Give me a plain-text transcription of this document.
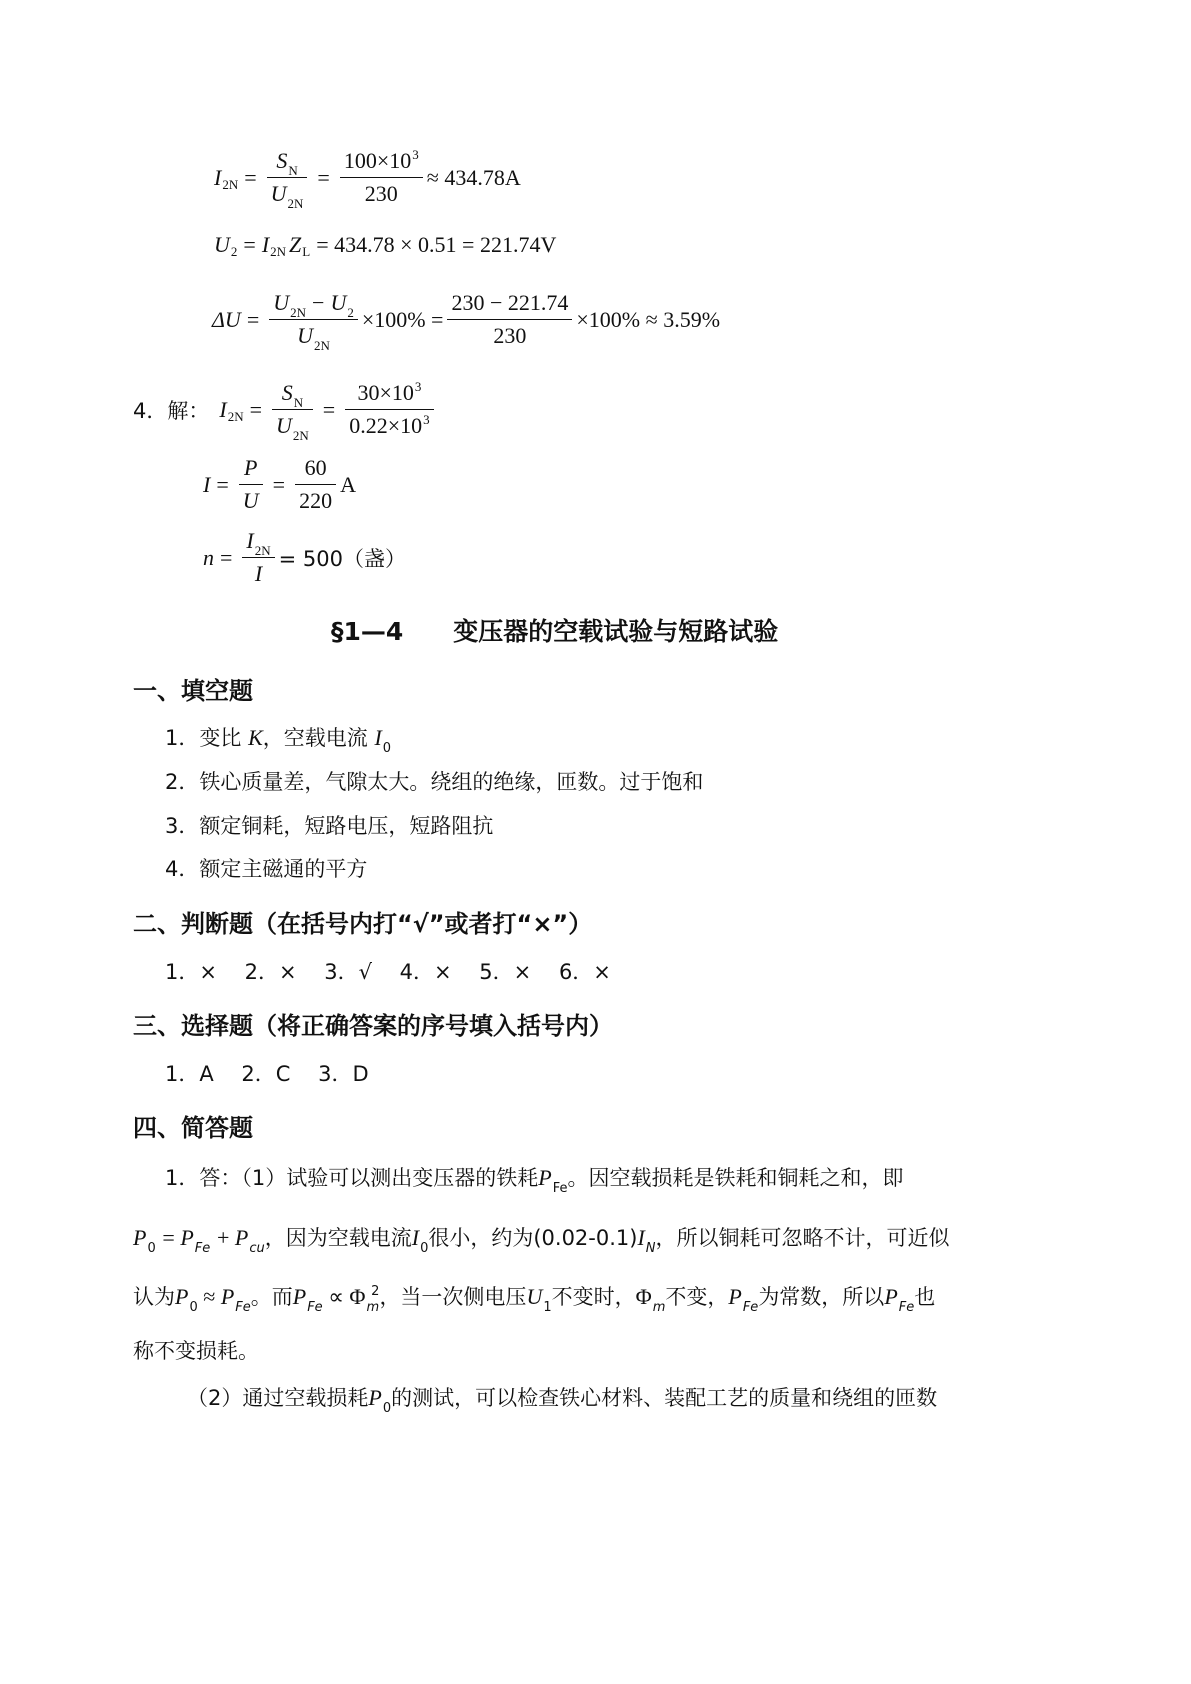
I $2N = \frac{S_N}{U_{2N}} = \frac{100\times 10^3}{230} \approx 434.78A$
U 2 = I 2N Z L = 434.78 × 0.51 = 221.74V
$\Delta U = \frac{U_{2N} - U_2}{U_{2N}} \times 100\% = \frac{230 - 221.74}{230} \times 100\% \approx 3.59\%$
4．解： I $2N = \frac{S_N}{U_{2N}} = \frac{30\times 10^3}{0.22\times 10^3}$
$I = \frac{P}{U} = \frac{60}{220}$ A
$n = \frac{I_{2N}}{I} = 500$（盏）
§1—4　　变压器的空载试验与短路试验
一、填空题
1．变比 K，空载电流 $I_0$
2．铁心质量差，气隙太大。绕组的绝缘，匝数。过于饱和
3．额定铜耗，短路电压，短路阻抗
4．额定主磁通的平方
二、判断题（在括号内打“√”或者打“×”）
1．×　 2．×　 3．√　 4．×　 5．×　 6．×
三、选择题（将正确答案的序号填入括号内）
1．A　 2．C　 3．D
四、简答题
1．答：（1）试验可以测出变压器的铁耗$P_{Fe}$。因空载损耗是铁耗和铜耗之和，即
$P_0 = P_{Fe} + P_{cu}$，因为空载电流$I_0$很小，约为$(0.02-0.1)I_N$，所以铜耗可忽略不计，可近似
认为$P_0 \approx P_{Fe}$。而$P_{Fe} \propto \Phi_m^2$，当一次侧电压$U_1$不变时，$\Phi_m$不变，$P_{Fe}$为常数，所以$P_{Fe}$也
称不变损耗。
（2）通过空载损耗$P_0$的测试，可以检查铁心材料、装配工艺的质量和绕组的匝数
